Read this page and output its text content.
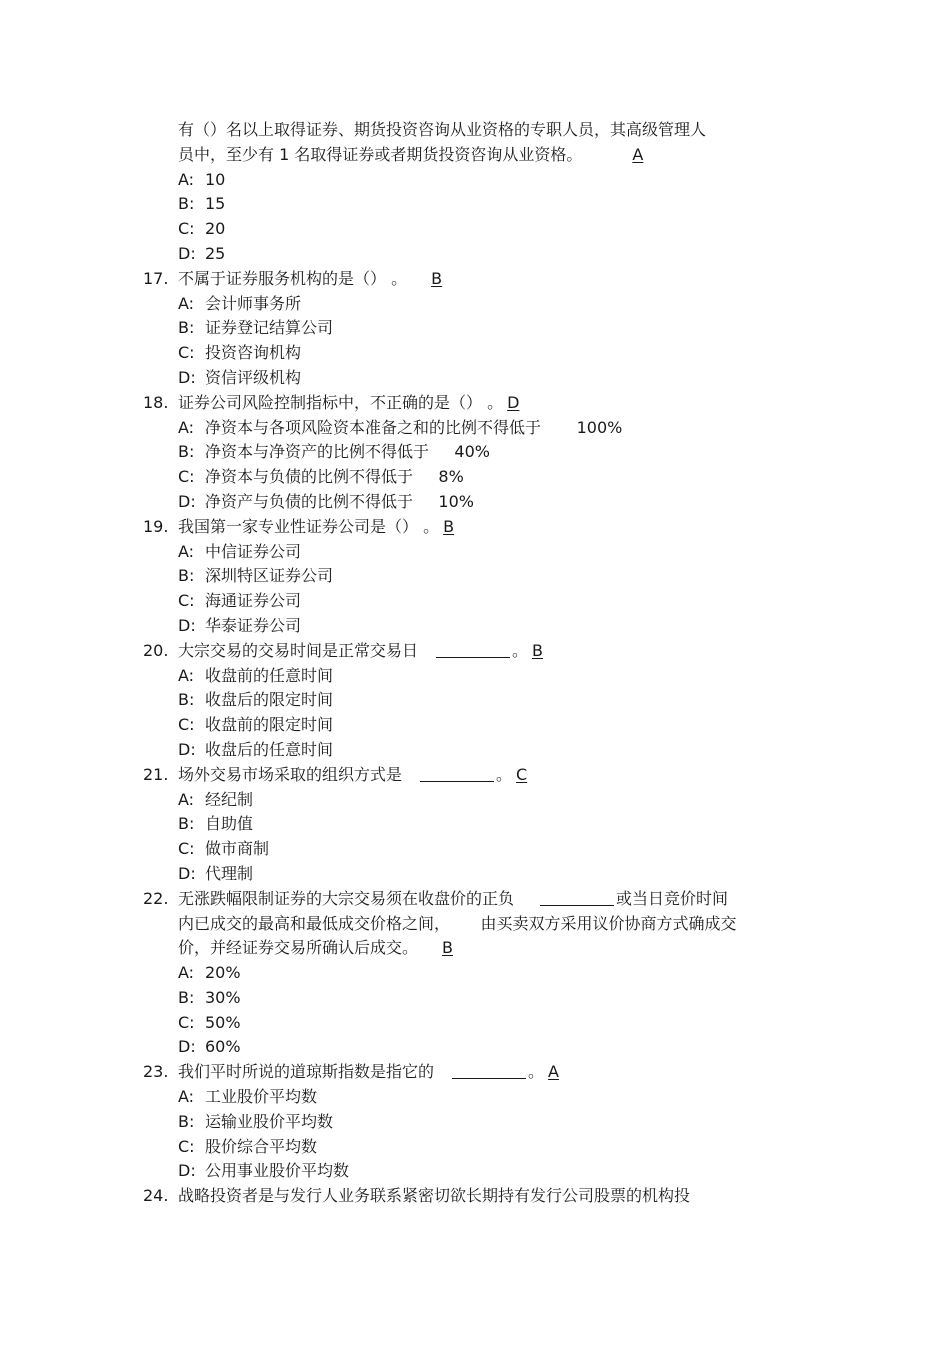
有（）名以上取得证券、期货投资咨询从业资格的专职人员，其高级管理人
员中，至少有 1 名取得证券或者期货投资咨询从业资格。	A
A: 10
B: 15
C: 20
D: 25
17. 不属于证券服务机构的是（） 。 B
A: 会计师事务所
B: 证券登记结算公司
C: 投资咨询机构
D: 资信评级机构
18. 证券公司风险控制指标中，不正确的是（） 。 D
A: 净资本与各项风险资本准备之和的比例不得低于       100%
B: 净资本与净资产的比例不得低于     40%
C: 净资本与负债的比例不得低于     8%
D: 净资产与负债的比例不得低于     10%
19. 我国第一家专业性证券公司是（） 。 B
A: 中信证券公司
B: 深圳特区证券公司
C: 海通证券公司
D: 华泰证券公司
20. 大宗交易的交易时间是正常交易日	。 B
A: 收盘前的任意时间
B: 收盘后的限定时间
C: 收盘前的限定时间
D: 收盘后的任意时间
21. 场外交易市场采取的组织方式是	。 C
A: 经纪制
B: 自助值
C: 做市商制
D: 代理制
22. 无涨跌幅限制证券的大宗交易须在收盘价的正负	或当日竞价时间
内已成交的最高和最低成交价格之间，      由买卖双方采用议价协商方式确成交
价，并经证券交易所确认后成交。 B
A: 20%
B: 30%
C: 50%
D: 60%
23. 我们平时所说的道琼斯指数是指它的	。 A
A: 工业股价平均数
B: 运输业股价平均数
C: 股价综合平均数
D: 公用事业股价平均数
24. 战略投资者是与发行人业务联系紧密切欲长期持有发行公司股票的机构投
